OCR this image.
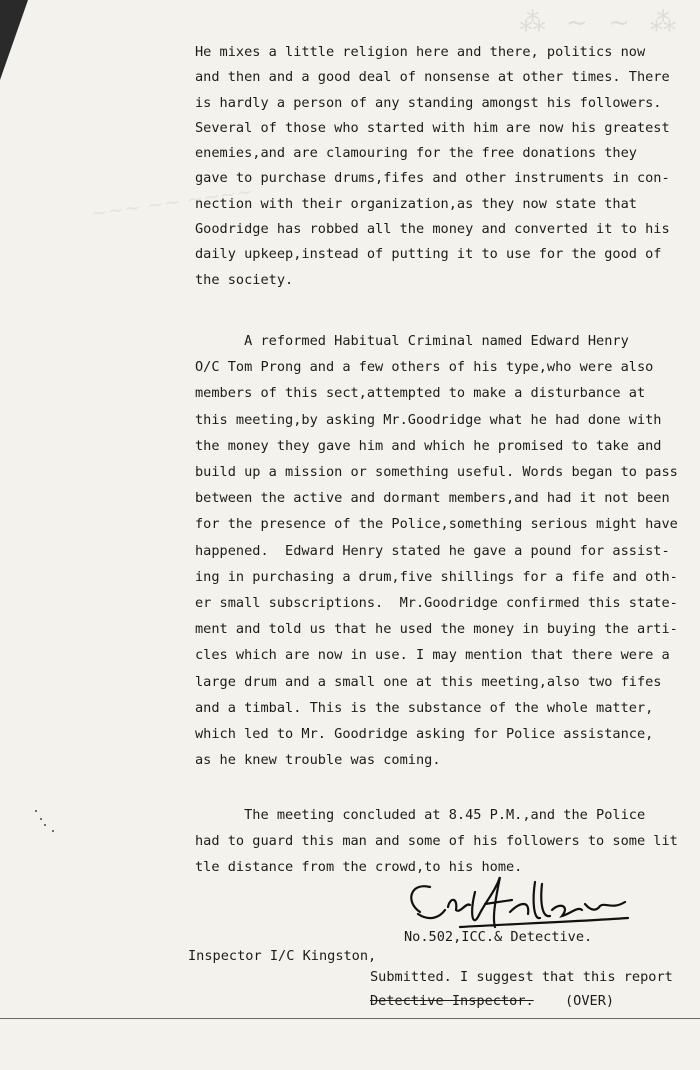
⁂ ~ ~ ⁂
~~~ ~~ ~~~~
He mixes a little religion here and there, politics now
and then and a good deal of nonsense at other times. There
is hardly a person of any standing amongst his followers.
Several of those who started with him are now his greatest
enemies,and are clamouring for the free donations they
gave to purchase drums,fifes and other instruments in con-
nection with their organization,as they now state that
Goodridge has robbed all the money and converted it to his
daily upkeep,instead of putting it to use for the good of
the society.
A reformed Habitual Criminal named Edward Henry
O/C Tom Prong and a few others of his type,who were also
members of this sect,attempted to make a disturbance at
this meeting,by asking Mr.Goodridge what he had done with
the money they gave him and which he promised to take and
build up a mission or something useful. Words began to pass
between the active and dormant members,and had it not been
for the presence of the Police,something serious might have
happened.  Edward Henry stated he gave a pound for assist-
ing in purchasing a drum,five shillings for a fife and oth-
er small subscriptions.  Mr.Goodridge confirmed this state-
ment and told us that he used the money in buying the arti-
cles which are now in use. I may mention that there were a
large drum and a small one at this meeting,also two fifes
and a timbal. This is the substance of the whole matter,
which led to Mr. Goodridge asking for Police assistance,
as he knew trouble was coming.
The meeting concluded at 8.45 P.M.,and the Police
had to guard this man and some of his followers to some lit
tle distance from the crowd,to his home.
No.502,ICC.& Detective.
Inspector I/C Kingston,
Submitted. I suggest that this report
Detective Inspector. (OVER)
